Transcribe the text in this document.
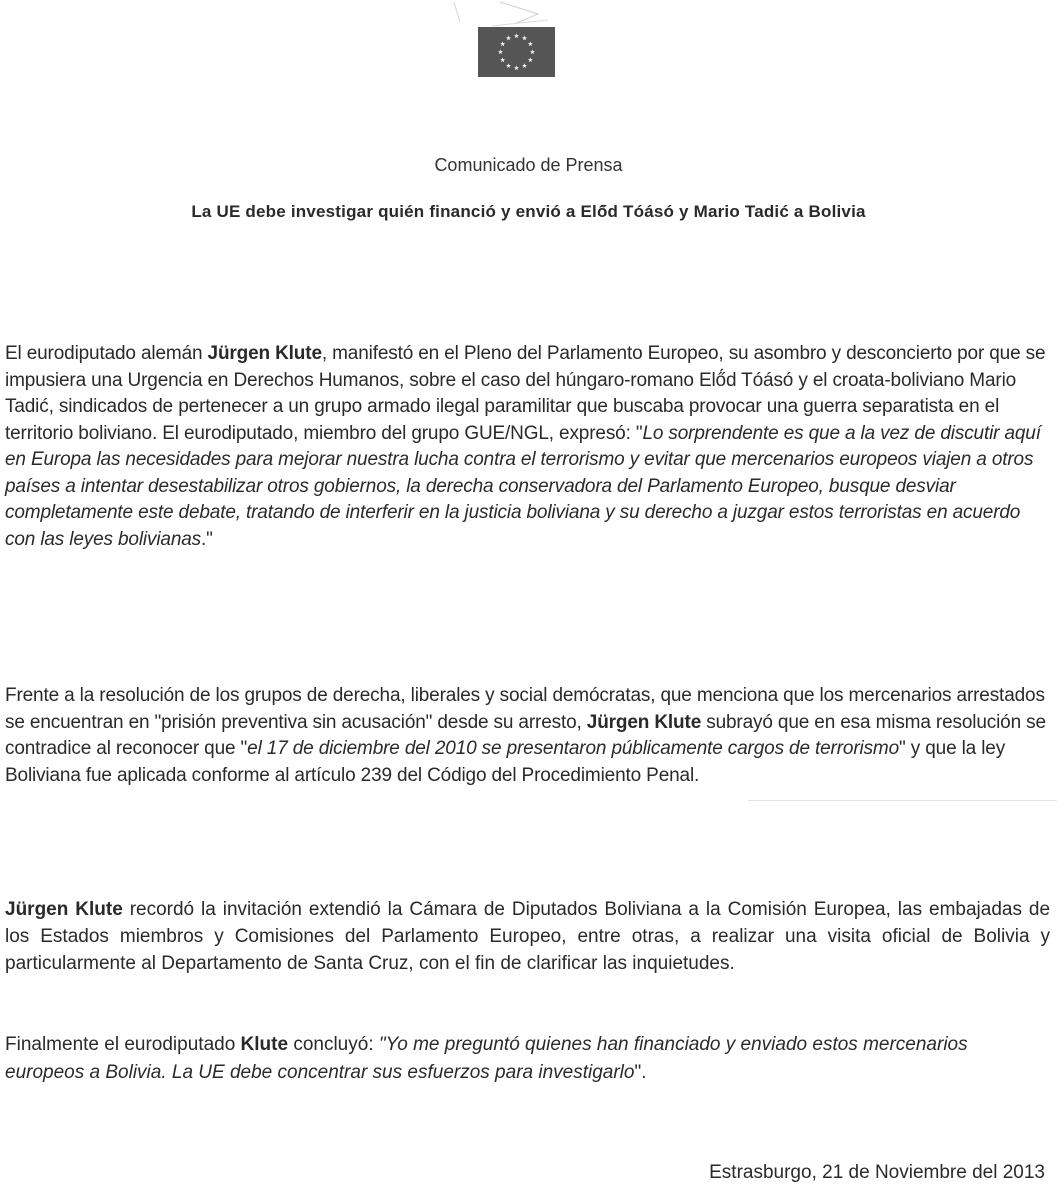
Comunicado de Prensa
La UE debe investigar quién financió y envió a Elő́d Tóásó y Mario Tadić a Bolivia

El eurodiputado alemán Jürgen Klute, manifestó en el Pleno del Parlamento Europeo, su asombro y desconcierto por que se impusiera una Urgencia en Derechos Humanos, sobre el caso del húngaro-romano Elő́d Tóásó y el croata-boliviano Mario Tadić, sindicados de pertenecer a un grupo armado ilegal paramilitar que buscaba provocar una guerra separatista en el territorio boliviano. El eurodiputado, miembro del grupo GUE/NGL, expresó: "Lo sorprendente es que a la vez de discutir aquí en Europa las necesidades para mejorar nuestra lucha contra el terrorismo y evitar que mercenarios europeos viajen a otros países a intentar desestabilizar otros gobiernos, la derecha conservadora del Parlamento Europeo, busque desviar completamente este debate, tratando de interferir en la justicia boliviana y su derecho a juzgar estos terroristas en acuerdo con las leyes bolivianas."

Frente a la resolución de los grupos de derecha, liberales y social demócratas, que menciona que los mercenarios arrestados se encuentran en "prisión preventiva sin acusación" desde su arresto, Jürgen Klute subrayó que en esa misma resolución se contradice al reconocer que "el 17 de diciembre del 2010 se presentaron públicamente cargos de terrorismo" y que la ley Boliviana fue aplicada conforme al artículo 239 del Código del Procedimiento Penal.

Jürgen Klute recordó la invitación extendió la Cámara de Diputados Boliviana a la Comisión Europea, las embajadas de los Estados miembros y Comisiones del Parlamento Europeo, entre otras, a realizar una visita oficial de Bolivia y particularmente al Departamento de Santa Cruz, con el fin de clarificar las inquietudes.

Finalmente el eurodiputado Klute concluyó: "Yo me preguntó quienes han financiado y enviado estos mercenarios europeos a Bolivia. La UE debe concentrar sus esfuerzos para investigarlo".

Estrasburgo, 21 de Noviembre del 2013
